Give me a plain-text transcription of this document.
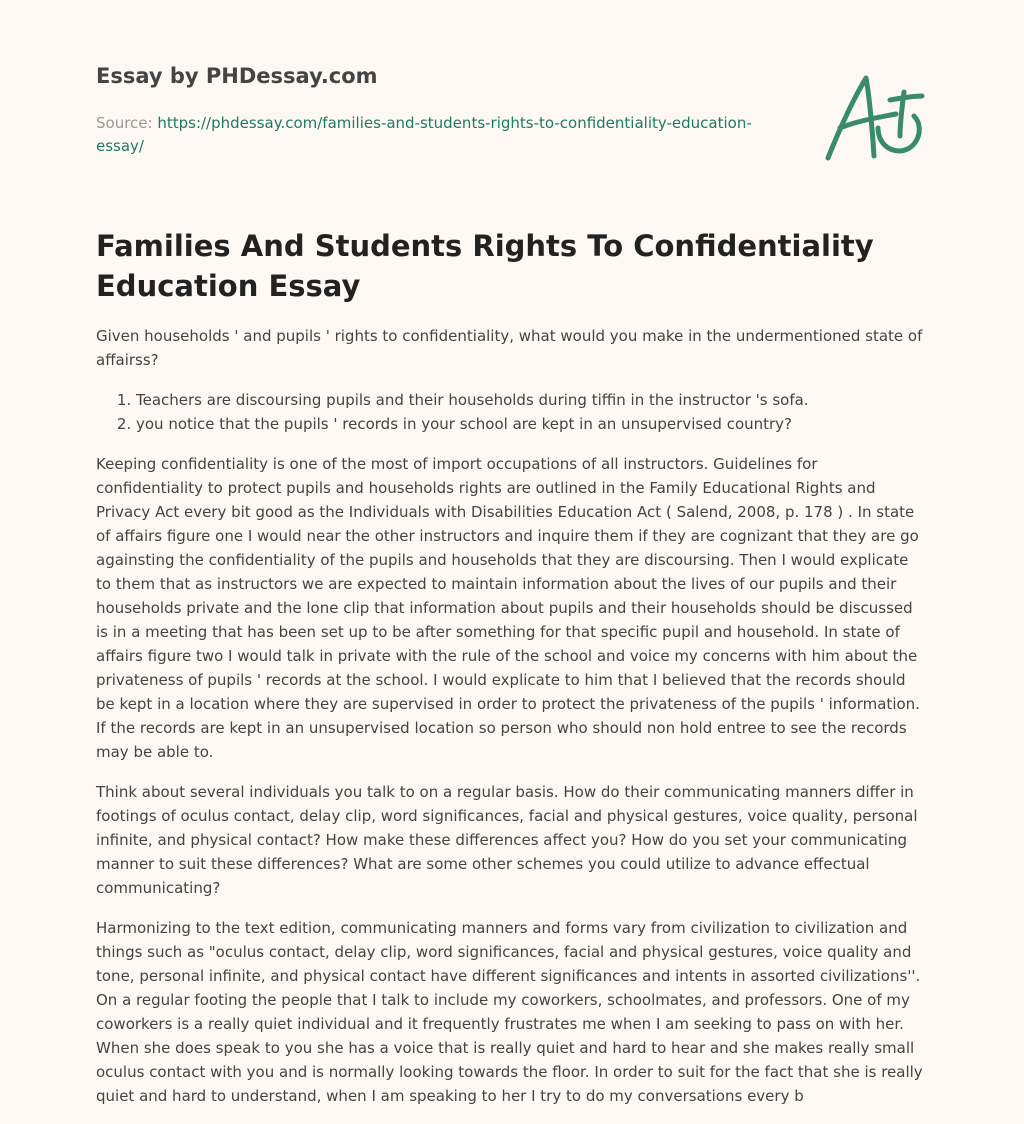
Essay by PHDessay.com
Source: https://phdessay.com/families-and-students-rights-to-confidentiality-education-essay/
Families And Students Rights To Confidentiality Education Essay

Given households ' and pupils ' rights to confidentiality, what would you make in the undermentioned state of affairss?

1. Teachers are discoursing pupils and their households during tiffin in the instructor 's sofa.
2. you notice that the pupils ' records in your school are kept in an unsupervised country?

Keeping confidentiality is one of the most of import occupations of all instructors. Guidelines for confidentiality to protect pupils and households rights are outlined in the Family Educational Rights and Privacy Act every bit good as the Individuals with Disabilities Education Act ( Salend, 2008, p. 178 ) . In state of affairs figure one I would near the other instructors and inquire them if they are cognizant that they are go againsting the confidentiality of the pupils and households that they are discoursing. Then I would explicate to them that as instructors we are expected to maintain information about the lives of our pupils and their households private and the lone clip that information about pupils and their households should be discussed is in a meeting that has been set up to be after something for that specific pupil and household. In state of affairs figure two I would talk in private with the rule of the school and voice my concerns with him about the privateness of pupils ' records at the school. I would explicate to him that I believed that the records should be kept in a location where they are supervised in order to protect the privateness of the pupils ' information. If the records are kept in an unsupervised location so person who should non hold entree to see the records may be able to.

Think about several individuals you talk to on a regular basis. How do their communicating manners differ in footings of oculus contact, delay clip, word significances, facial and physical gestures, voice quality, personal infinite, and physical contact? How make these differences affect you? How do you set your communicating manner to suit these differences? What are some other schemes you could utilize to advance effectual communicating?

Harmonizing to the text edition, communicating manners and forms vary from civilization to civilization and things such as "oculus contact, delay clip, word significances, facial and physical gestures, voice quality and tone, personal infinite, and physical contact have different significances and intents in assorted civilizations''. On a regular footing the people that I talk to include my coworkers, schoolmates, and professors. One of my coworkers is a really quiet individual and it frequently frustrates me when I am seeking to pass on with her. When she does speak to you she has a voice that is really quiet and hard to hear and she makes really small oculus contact with you and is normally looking towards the floor. In order to suit for the fact that she is really quiet and hard to understand, when I am speaking to her I try to do my conversations every b
